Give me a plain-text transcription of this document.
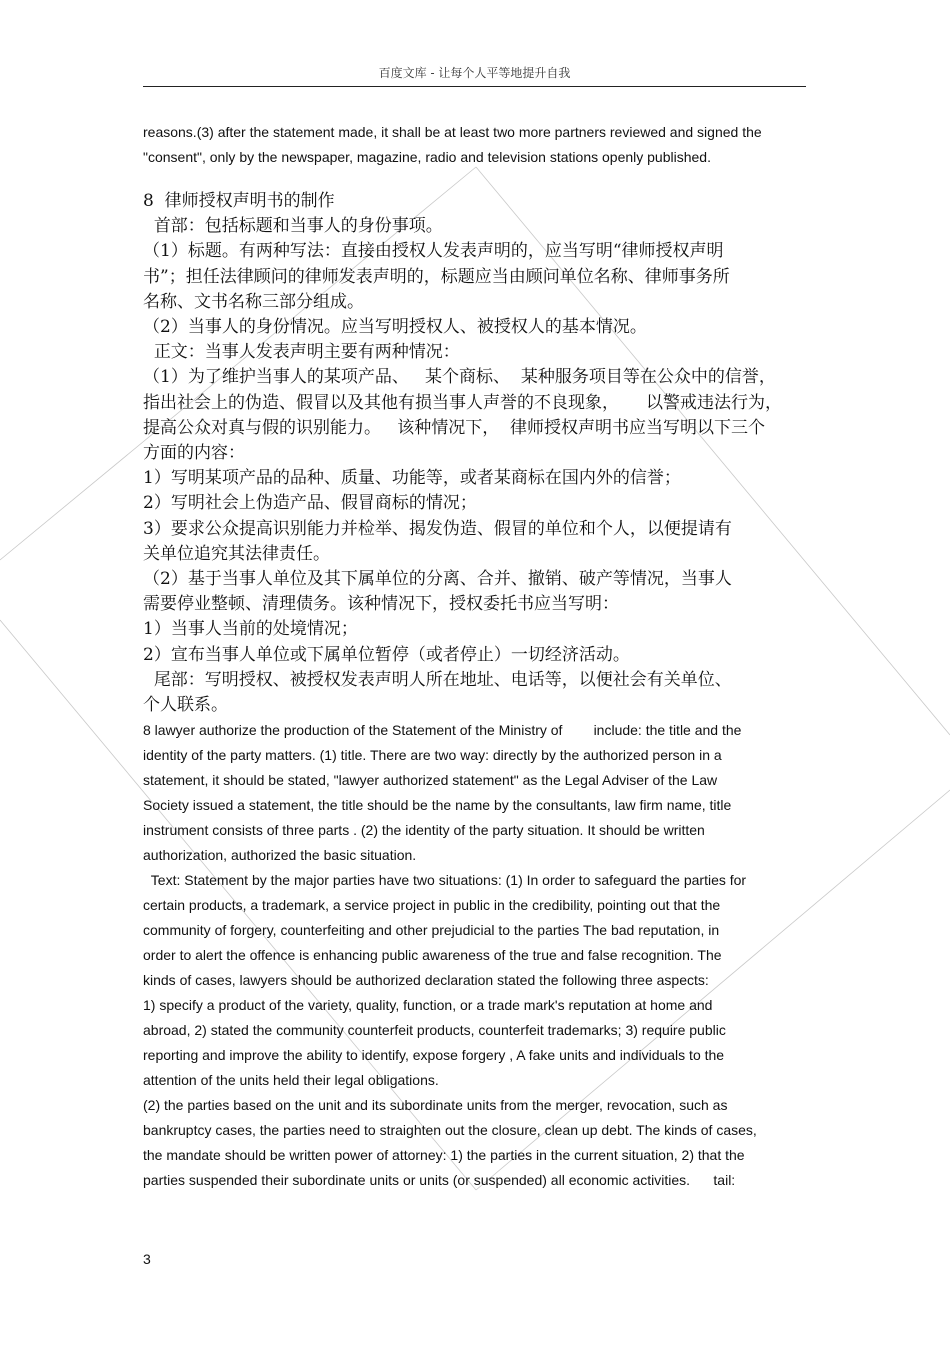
百度文库 - 让每个人平等地提升自我

reasons.(3) after the statement made, it shall be at least two more partners reviewed and signed the

"consent", only by the newspaper, magazine, radio and television stations openly published.

8  律师授权声明书的制作

首部：包括标题和当事人的身份事项。

（1）标题。有两种写法：直接由授权人发表声明的，应当写明“律师授权声明

书”；担任法律顾问的律师发表声明的，标题应当由顾问单位名称、律师事务所

名称、文书名称三部分组成。

（2）当事人的身份情况。应当写明授权人、被授权人的基本情况。

正文：当事人发表声明主要有两种情况：

（1）为了维护当事人的某项产品、   某个商标、  某种服务项目等在公众中的信誉，

指出社会上的伪造、假冒以及其他有损当事人声誉的不良现象，     以警戒违法行为，

提高公众对真与假的识别能力。   该种情况下，  律师授权声明书应当写明以下三个

方面的内容：

1）写明某项产品的品种、质量、功能等，或者某商标在国内外的信誉；

2）写明社会上伪造产品、假冒商标的情况；

3）要求公众提高识别能力并检举、揭发伪造、假冒的单位和个人，以便提请有

关单位追究其法律责任。

（2）基于当事人单位及其下属单位的分离、合并、撤销、破产等情况，当事人

需要停业整顿、清理债务。该种情况下，授权委托书应当写明：

1）当事人当前的处境情况；

2）宣布当事人单位或下属单位暂停（或者停止）一切经济活动。

尾部：写明授权、被授权发表声明人所在地址、电话等，以便社会有关单位、

个人联系。

8 lawyer authorize the production of the Statement of the Ministry of        include: the title and the

identity of the party matters. (1) title. There are two way: directly by the authorized person in a

statement, it should be stated, "lawyer authorized statement" as the Legal Adviser of the Law

Society issued a statement, the title should be the name by the consultants, law firm name, title

instrument consists of three parts . (2) the identity of the party situation. It should be written

authorization, authorized the basic situation.

Text: Statement by the major parties have two situations: (1) In order to safeguard the parties for

certain products, a trademark, a service project in public in the credibility, pointing out that the

community of forgery, counterfeiting and other prejudicial to the parties The bad reputation, in

order to alert the offence is enhancing public awareness of the true and false recognition. The

kinds of cases, lawyers should be authorized declaration stated the following three aspects:

1) specify a product of the variety, quality, function, or a trade mark's reputation at home and

abroad, 2) stated the community counterfeit products, counterfeit trademarks; 3) require public

reporting and improve the ability to identify, expose forgery , A fake units and individuals to the

attention of the units held their legal obligations.

(2) the parties based on the unit and its subordinate units from the merger, revocation, such as

bankruptcy cases, the parties need to straighten out the closure, clean up debt. The kinds of cases,

the mandate should be written power of attorney: 1) the parties in the current situation, 2) that the

parties suspended their subordinate units or units (or suspended) all economic activities.      tail:

3
